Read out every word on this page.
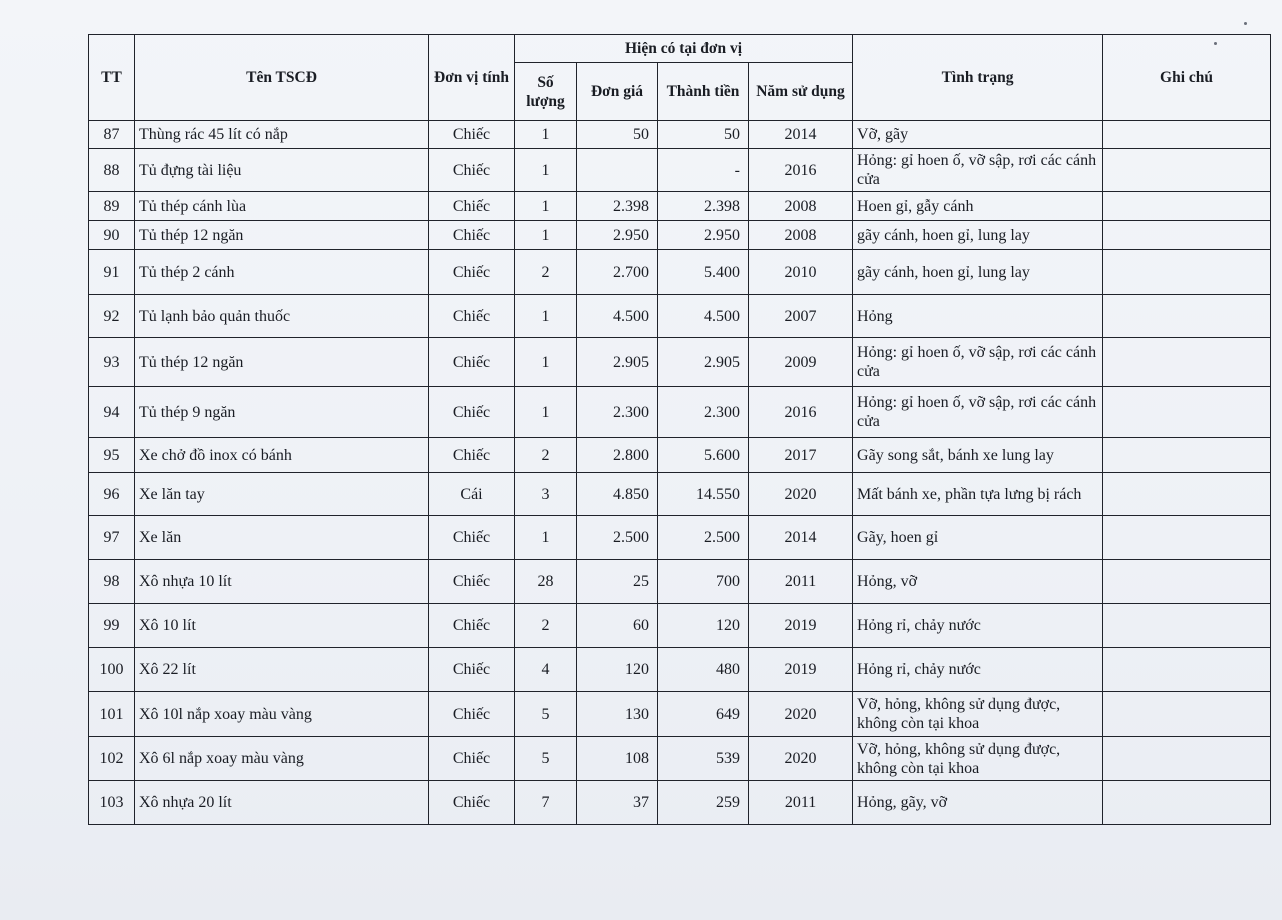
TT	Tên TSCĐ	Đơn vị tính	Hiện có tại đơn vị				Tình trạng	Ghi chú
			Số lượng	Đơn giá	Thành tiền	Năm sử dụng		
87	Thùng rác 45 lít có nắp	Chiếc	1	50	50	2014	Vỡ, gãy	
88	Tủ đựng tài liệu	Chiếc	1		-	2016	Hỏng: gỉ hoen ố, vỡ sập, rơi các cánh cửa	
89	Tủ thép cánh lùa	Chiếc	1	2.398	2.398	2008	Hoen gỉ, gẫy cánh	
90	Tủ thép 12 ngăn	Chiếc	1	2.950	2.950	2008	gãy cánh, hoen gỉ, lung lay	
91	Tủ thép 2 cánh	Chiếc	2	2.700	5.400	2010	gãy cánh, hoen gỉ, lung lay	
92	Tủ lạnh bảo quản thuốc	Chiếc	1	4.500	4.500	2007	Hỏng	
93	Tủ thép 12 ngăn	Chiếc	1	2.905	2.905	2009	Hỏng: gỉ hoen ố, vỡ sập, rơi các cánh cửa	
94	Tủ thép 9 ngăn	Chiếc	1	2.300	2.300	2016	Hỏng: gỉ hoen ố, vỡ sập, rơi các cánh cửa	
95	Xe chở đồ inox có bánh	Chiếc	2	2.800	5.600	2017	Gãy song sắt, bánh xe lung lay	
96	Xe lăn tay	Cái	3	4.850	14.550	2020	Mất bánh xe, phần tựa lưng bị rách	
97	Xe lăn	Chiếc	1	2.500	2.500	2014	Gãy, hoen gỉ	
98	Xô nhựa 10 lít	Chiếc	28	25	700	2011	Hỏng, vỡ	
99	Xô 10 lít	Chiếc	2	60	120	2019	Hỏng rỉ, chảy nước	
100	Xô 22 lít	Chiếc	4	120	480	2019	Hỏng rỉ, chảy nước	
101	Xô 10l nắp xoay màu vàng	Chiếc	5	130	649	2020	Vỡ, hỏng, không sử dụng được, không còn tại khoa	
102	Xô 6l nắp xoay màu vàng	Chiếc	5	108	539	2020	Vỡ, hỏng, không sử dụng được, không còn tại khoa	
103	Xô nhựa 20 lít	Chiếc	7	37	259	2011	Hỏng, gãy, vỡ	
